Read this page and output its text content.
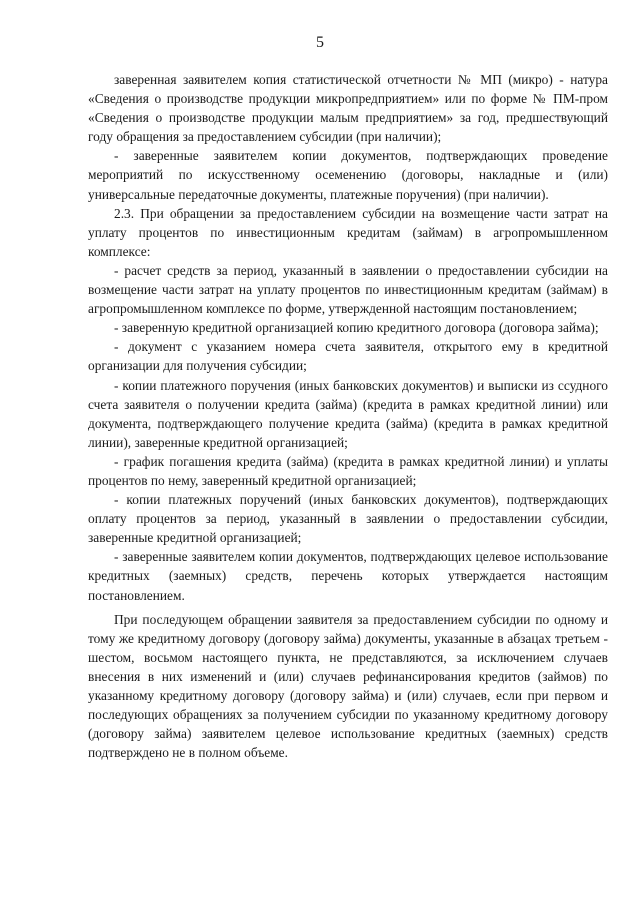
5

заверенная заявителем копия статистической отчетности № МП (микро) - натура «Сведения о производстве продукции микропредприятием» или по форме № ПМ-пром «Сведения о производстве продукции малым предприятием» за год, предшествующий году обращения за предоставлением субсидии (при наличии);

- заверенные заявителем копии документов, подтверждающих проведение мероприятий по искусственному осеменению (договоры, накладные и (или) универсальные передаточные документы, платежные поручения) (при наличии).

2.3. При обращении за предоставлением субсидии на возмещение части затрат на уплату процентов по инвестиционным кредитам (займам) в агропромышленном комплексе:

- расчет средств за период, указанный в заявлении о предоставлении субсидии на возмещение части затрат на уплату процентов по инвестиционным кредитам (займам) в агропромышленном комплексе по форме, утвержденной настоящим постановлением;

- заверенную кредитной организацией копию кредитного договора (договора займа);

- документ с указанием номера счета заявителя, открытого ему в кредитной организации для получения субсидии;

- копии платежного поручения (иных банковских документов) и выписки из ссудного счета заявителя о получении кредита (займа) (кредита в рамках кредитной линии) или документа, подтверждающего получение кредита (займа) (кредита в рамках кредитной линии), заверенные кредитной организацией;

- график погашения кредита (займа) (кредита в рамках кредитной линии) и уплаты процентов по нему, заверенный кредитной организацией;

- копии платежных поручений (иных банковских документов), подтверждающих оплату процентов за период, указанный в заявлении о предоставлении субсидии, заверенные кредитной организацией;

- заверенные заявителем копии документов, подтверждающих целевое использование кредитных (заемных) средств, перечень которых утверждается настоящим постановлением.

При последующем обращении заявителя за предоставлением субсидии по одному и тому же кредитному договору (договору займа) документы, указанные в абзацах третьем - шестом, восьмом настоящего пункта, не представляются, за исключением случаев внесения в них изменений и (или) случаев рефинансирования кредитов (займов) по указанному кредитному договору (договору займа) и (или) случаев, если при первом и последующих обращениях за получением субсидии по указанному кредитному договору (договору займа) заявителем целевое использование кредитных (заемных) средств подтверждено не в полном объеме.
